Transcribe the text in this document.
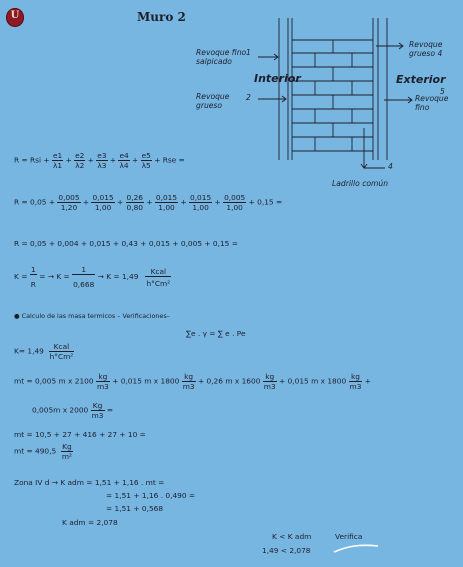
U	Muro 2
Interior	Exterior
Revoque fino
salpicado
1
Revoque
grueso
2
Revoque
grueso 4
Revoque
fino
5
4
Ladrillo común
R = Rsi + $\frac{e1}{\lambda 1} + \frac{e2}{\lambda 2} + \frac{e3}{\lambda 3} + \frac{e4}{\lambda 4} + \frac{e5}{\lambda 5}$ + Rse =
$R = 0,05 + \frac{0,005}{1,20} + \frac{0,015}{1,00} + \frac{0,26}{0,80} + \frac{0,015}{1,00} + \frac{0,015}{1,00} + \frac{0,005}{1,00} + 0,15$ =
R = 0,05 + 0,004 + 0,015 + 0,43 + 0,015 + 0,005 + 0,15 =
$K = \frac{1}{R}$ = → $K = \frac{1}{0,668} \to K = 1,49 \frac{\text{Kcal}}{\text{h°Cm²}}$
● Calculo de las masa termicos – Verificaciones–
∑e . γ = ∑ e . Pe
$K= 1,49 \frac{\text{Kcal}}{\text{h°Cm²}}$
mt = 0,005 m x $2100 \frac{kg}{m3} + 0,015$ m x $1800 \frac{kg}{m3} + 0,26$ m x $1600 \frac{kg}{m3} + 0,015$ m x $1800 \frac{kg}{m3}$ +
0,005m x $2000 \frac{Kg}{m3}$ =
mt = 10,5 + 27 + 416 + 27 + 10 =
mt = $490,5 \frac{Kg}{\text{m²}}$
Zona IV d → K adm = 1,51 + 1,16 . mt =
= 1,51 + 1,16 . 0,490 =
= 1,51 + 0,568
K adm = 2,078
K < K adm	Verifica
1,49 < 2,078
